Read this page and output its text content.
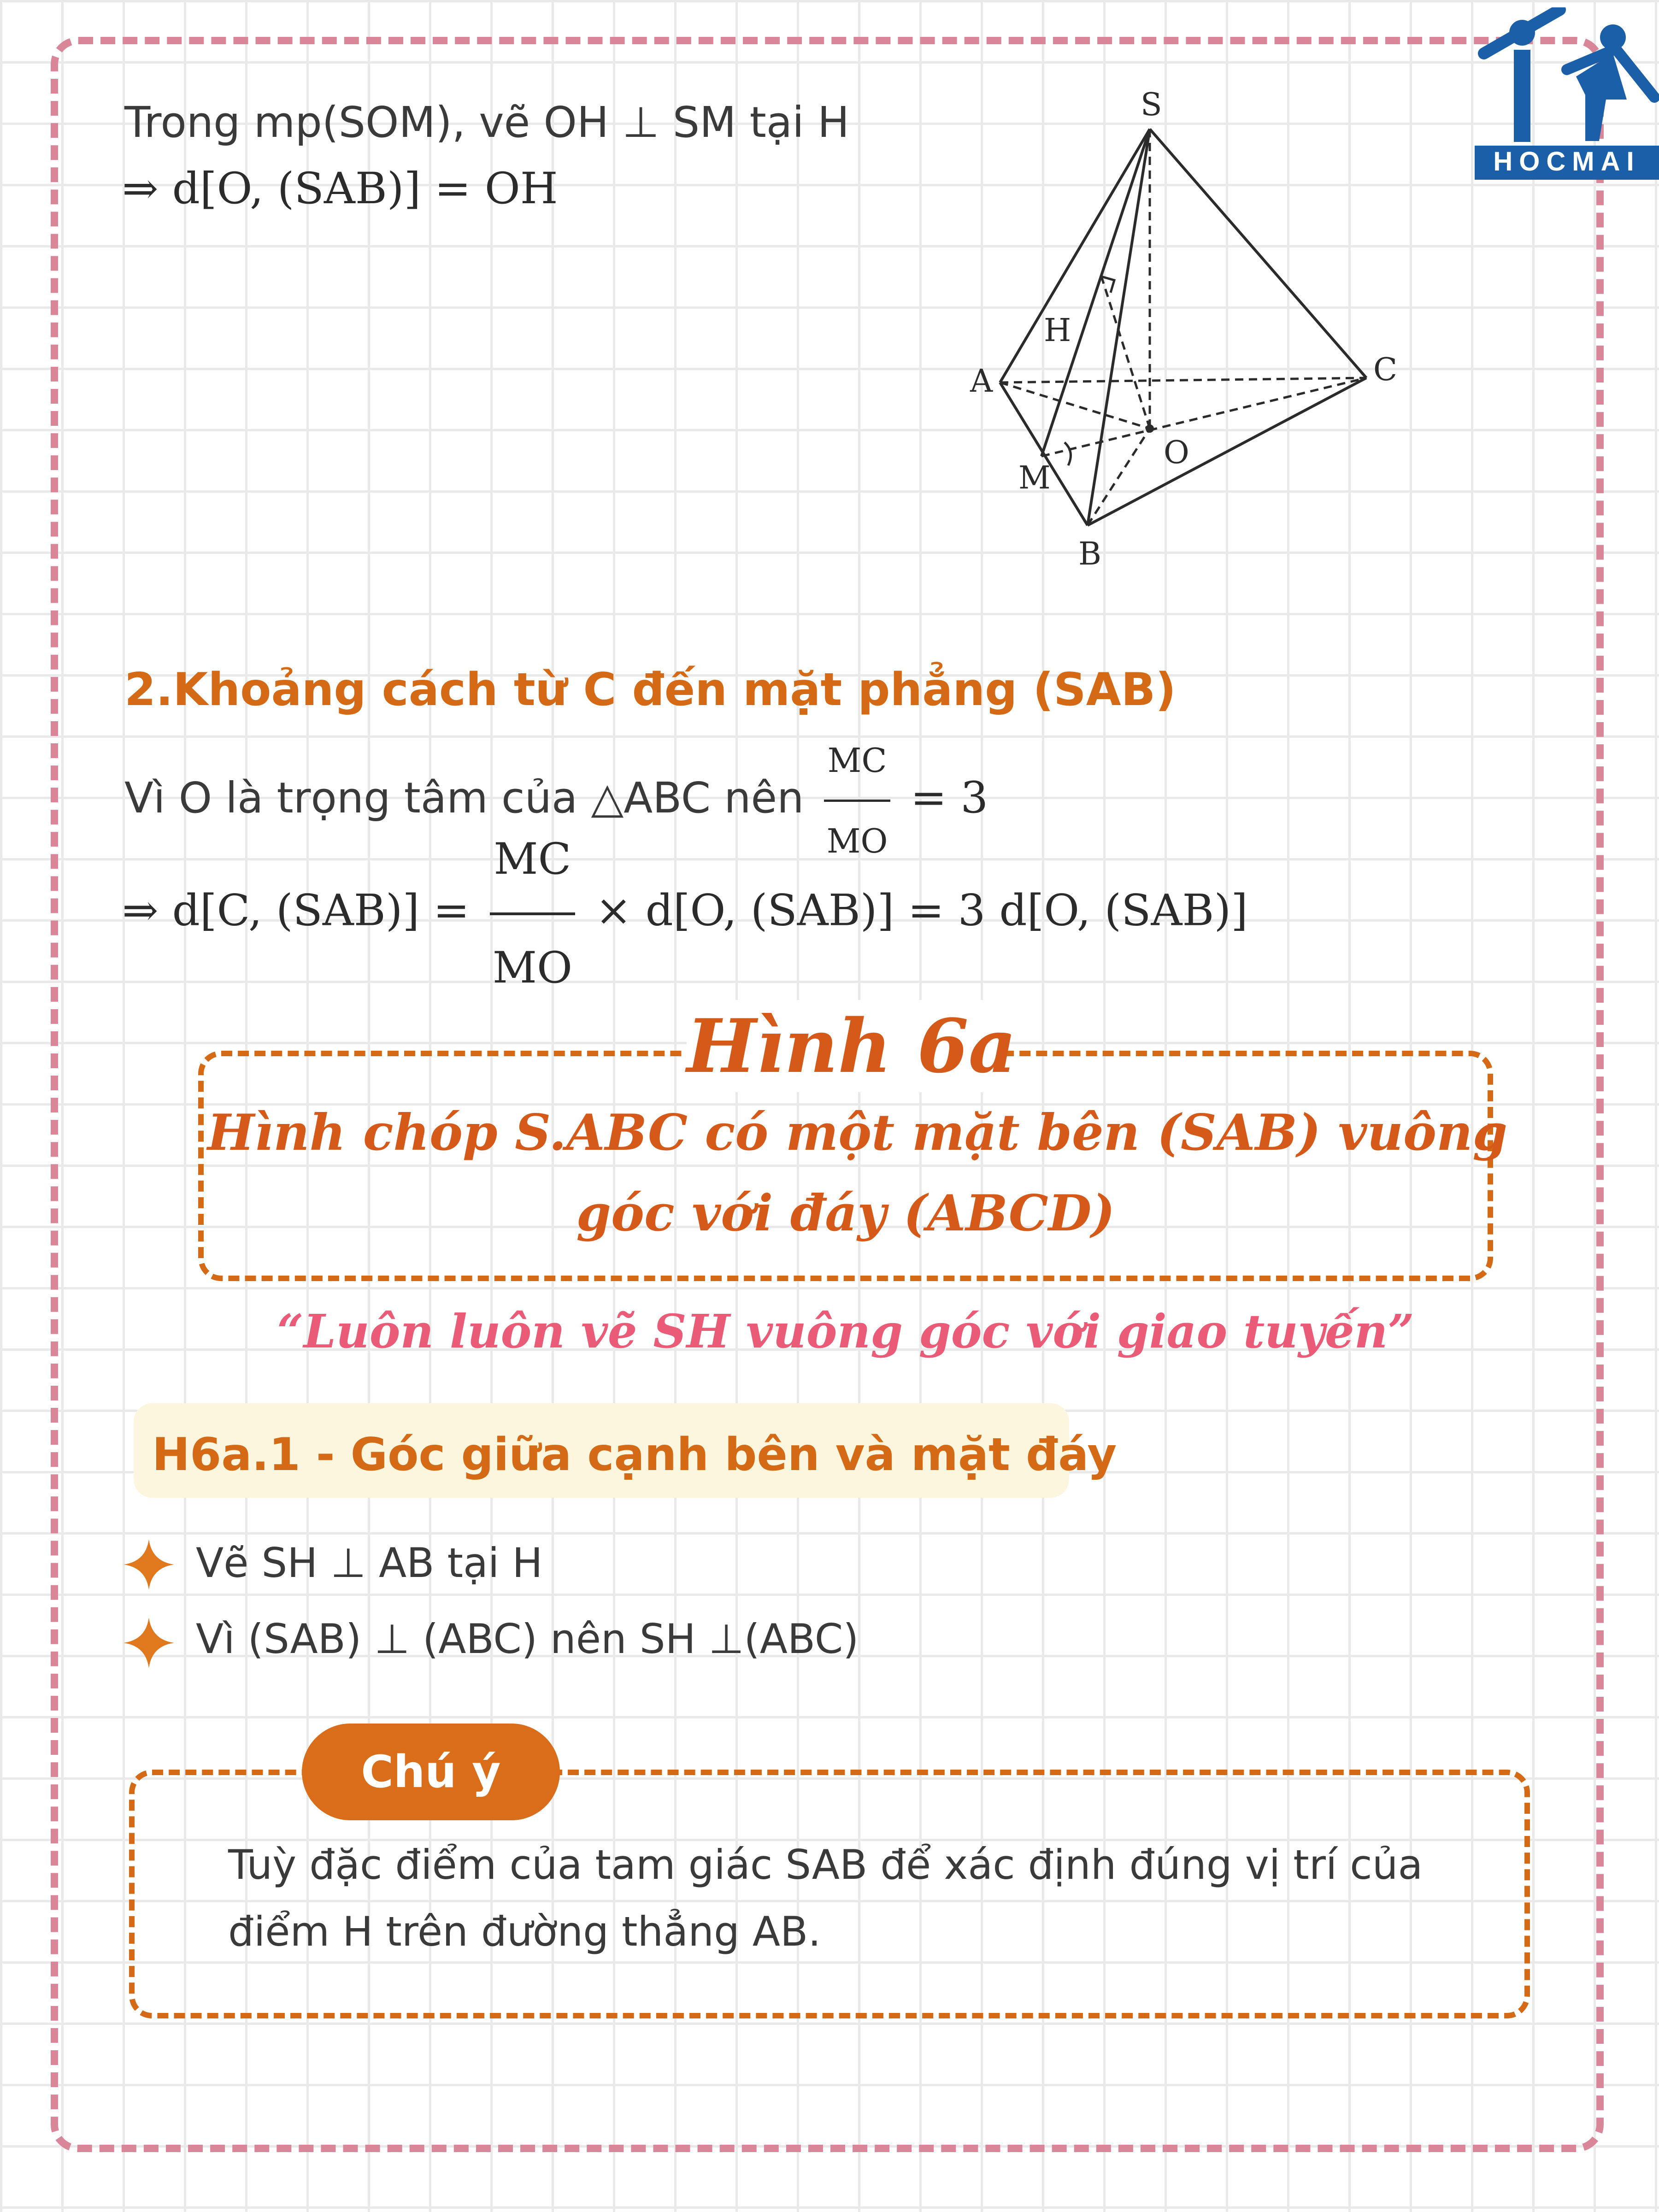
HOCMAI
Trong mp(SOM), vẽ OH ⊥ SM tại H
⇒ d[O, (SAB)] = OH
S
A
B
C
O
H
M
2.Khoảng cách từ C đến mặt phẳng (SAB)
Vì O là trọng tâm của △ABC nên $\frac{MC}{MO} = 3$
⇒ d[C, $(SAB)] = \frac{MC}{MO} \times d[O$, (SAB)] = 3 d[O, (SAB)]
Hình 6a
Hình chóp S.ABC có một mặt bên (SAB) vuông
góc với đáy (ABCD)
“Luôn luôn vẽ SH vuông góc với giao tuyến”
H6a.1 - Góc giữa cạnh bên và mặt đáy
Vẽ SH ⊥ AB tại H
Vì (SAB) ⊥ (ABC) nên SH ⊥(ABC)
Chú ý
Tuỳ đặc điểm của tam giác SAB để xác định đúng vị trí của
điểm H trên đường thẳng AB.
